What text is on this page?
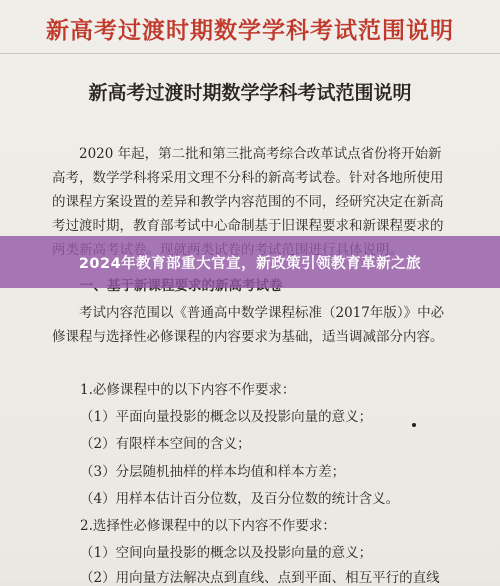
新高考过渡时期数学学科考试范围说明
新高考过渡时期数学学科考试范围说明
2020 年起，第二批和第三批高考综合改革试点省份将开始新高考，数学学科将采用文理不分科的新高考试卷。针对各地所使用的课程方案设置的差异和教学内容范围的不同，经研究决定在新高考过渡时期，教育部考试中心命制基于旧课程要求和新课程要求的
考试内容范围以《普通高中数学课程标准（2017年版）》中必修课程与选择性必修课程的内容要求为基础，适当调减部分内容。
1.必修课程中的以下内容不作要求：
（1）平面向量投影的概念以及投影向量的意义；
（2）有限样本空间的含义；
（3）分层随机抽样的样本均值和样本方差；
（4）用样本估计百分位数，及百分位数的统计含义。
2.选择性必修课程中的以下内容不作要求：
（1）空间向量投影的概念以及投影向量的意义；
（2）用向量方法解决点到直线、点到平面、相互平行的直线
2024年教育部重大官宣，新政策引领教育革新之旅
